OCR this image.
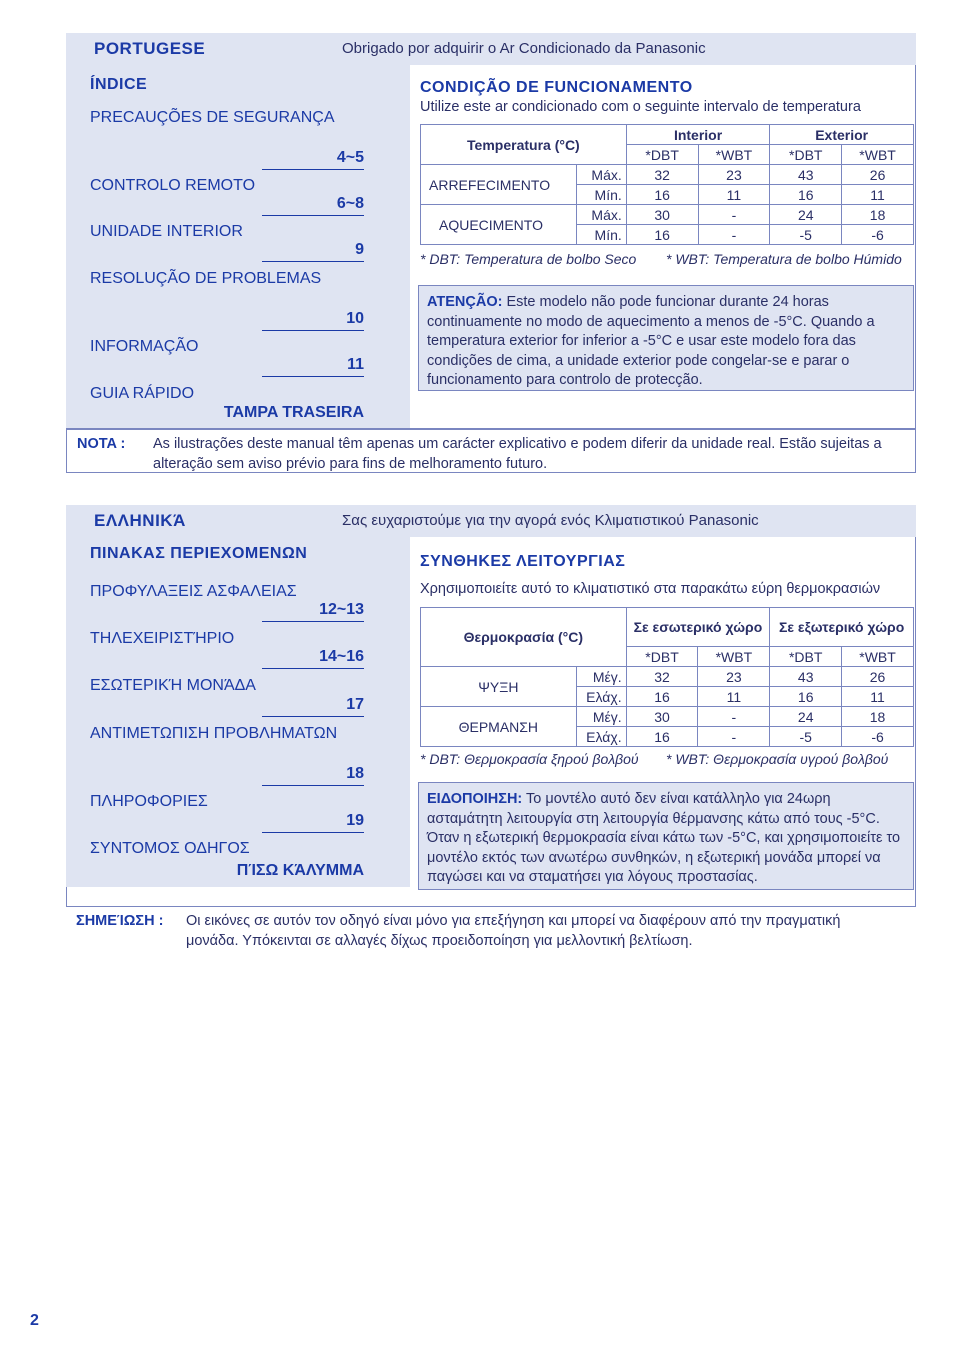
PORTUGESE	Obrigado por adquirir o Ar Condicionado da Panasonic
ÍNDICE
PRECAUÇÕES DE SEGURANÇA
4~5
CONTROLO REMOTO
6~8
UNIDADE INTERIOR
9
RESOLUÇÃO DE PROBLEMAS
10
INFORMAÇÃO
11
GUIA RÁPIDO
TAMPA TRASEIRA
CONDIÇÃO DE FUNCIONAMENTO
Utilize este ar condicionado com o seguinte intervalo de temperatura
Temperatura (°C)		Interior		Exterior	
		*DBT	*WBT	*DBT	*WBT
ARREFECIMENTO	Máx.	32	23	43	26
	Mín.	16	11	16	11
AQUECIMENTO	Máx.	30	-	24	18
	Mín.	16	-	-5	-6
* DBT: Temperatura de bolbo Seco * WBT: Temperatura de bolbo Húmido
ATENÇÃO: Este modelo não pode funcionar durante 24 horas continuamente no modo de aquecimento a menos de -5°C. Quando a temperatura exterior for inferior a -5°C e usar este modelo fora das condições de cima, a unidade exterior pode congelar-se e parar o funcionamento para controlo de protecção.
NOTA :	As ilustrações deste manual têm apenas um carácter explicativo e podem diferir da unidade real. Estão sujeitas a alteração sem aviso prévio para fins de melhoramento futuro.
ΕΛΛΗΝΙΚΆ	Σας ευχαριστούμε για την αγορά ενός Κλιματιστικού Panasonic
ΠΙΝΑΚΑΣ ΠΕΡΙΕΧΟΜΕΝΩΝ
ΠΡΟΦΥΛΑΞΕΙΣ ΑΣΦΑΛΕΙΑΣ
12~13
ΤΗΛΕΧΕΙΡΙΣΤΉΡΙΟ
14~16
ΕΣΩΤΕΡΙΚΉ ΜΟΝΆΔΑ
17
ΑΝΤΙΜΕΤΩΠΙΣΗ ΠΡΟΒΛΗΜΑΤΩΝ
18
ΠΛΗΡΟΦΟΡΙΕΣ
19
ΣΥΝΤΟΜΟΣ ΟΔΗΓΟΣ
ΠΊΣΩ ΚΆΛΥΜΜΑ
ΣΥΝΘΗΚΕΣ ΛΕΙΤΟΥΡΓΙΑΣ
Χρησιμοποιείτε αυτό το κλιματιστικό στα παρακάτω εύρη θερμοκρασιών
Θερμοκρασία (°C)		Σε εσωτερικό χώρο		Σε εξωτερικό χώρο	
		*DBT	*WBT	*DBT	*WBT
ΨΥΞΗ	Μέγ.	32	23	43	26
	Ελάχ.	16	11	16	11
ΘΕΡΜΑΝΣΗ	Μέγ.	30	-	24	18
	Ελάχ.	16	-	-5	-6
* DBT: Θερμοκρασία ξηρού βολβού * WBT: Θερμοκρασία υγρού βολβού
ΕΙΔΟΠΟΙΗΣΗ: Το μοντέλο αυτό δεν είναι κατάλληλο για 24ωρη ασταμάτητη λειτουργία στη λειτουργία θέρμανσης κάτω από τους -5°C. Όταν η εξωτερική θερμοκρασία είναι κάτω των -5°C, και χρησιμοποιείτε το μοντέλο εκτός των ανωτέρω συνθηκών, η εξωτερική μονάδα μπορεί να παγώσει και να σταματήσει για λόγους προστασίας.
ΣΗΜΕΊΩΣΗ :	Οι εικόνες σε αυτόν τον οδηγό είναι μόνο για επεξήγηση και μπορεί να διαφέρουν από την πραγματική μονάδα. Υπόκεινται σε αλλαγές δίχως προειδοποίηση για μελλοντική βελτίωση.
2
